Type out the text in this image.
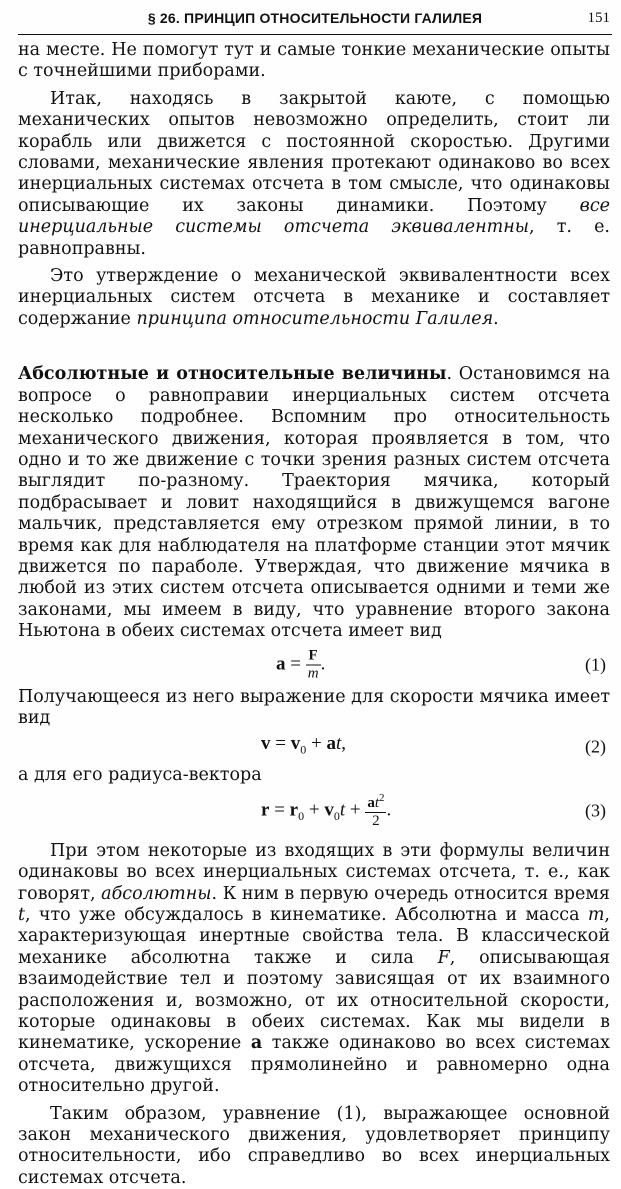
§ 26. ПРИНЦИП ОТНОСИТЕЛЬНОСТИ ГАЛИЛЕЯ	151

на месте. Не помогут тут и самые тонкие механические опыты с точнейшими приборами.

Итак, находясь в закрытой каюте, с помощью механических опытов невозможно определить, стоит ли корабль или движется с постоянной скоростью. Другими словами, механические явления протекают одинаково во всех инерциальных системах отсчета в том смысле, что одинаковы описывающие их законы динамики. Поэтому все инерциальные системы отсчета эквивалентны, т. е. равноправны.

Это утверждение о механической эквивалентности всех инерциальных систем отсчета в механике и составляет содержание принципа относительности Галилея.

Абсолютные и относительные величины. Остановимся на вопросе о равноправии инерциальных систем отсчета несколько подробнее. Вспомним про относительность механического движения, которая проявляется в том, что одно и то же движение с точки зрения разных систем отсчета выглядит по-разному. Траектория мячика, который подбрасывает и ловит находящийся в движущемся вагоне мальчик, представляется ему отрезком прямой линии, в то время как для наблюдателя на платформе станции этот мячик движется по параболе. Утверждая, что движение мячика в любой из этих систем отсчета описывается одними и теми же законами, мы имеем в виду, что уравнение второго закона Ньютона в обеих системах отсчета имеет вид

$a = \frac{F}{m}$ .	(1)

Получающееся из него выражение для скорости мячика имеет вид

$v = v_0$ + at,	(2)

а для его радиуса-вектора

$r = r_0 + v_0t + \frac{at^2}{2}$ .	(3)

При этом некоторые из входящих в эти формулы величин одинаковы во всех инерциальных системах отсчета, т. е., как говорят, абсолютны. К ним в первую очередь относится время t, что уже обсуждалось в кинематике. Абсолютна и масса m, характеризующая инертные свойства тела. В классической механике абсолютна также и сила F, описывающая взаимодействие тел и поэтому зависящая от их взаимного расположения и, возможно, от их относительной скорости, которые одинаковы в обеих системах. Как мы видели в кинематике, ускорение a также одинаково во всех системах отсчета, движущихся прямолинейно и равномерно одна относительно другой.

Таким образом, уравнение (1), выражающее основной закон механического движения, удовлетворяет принципу относительности, ибо справедливо во всех инерциальных системах отсчета.
